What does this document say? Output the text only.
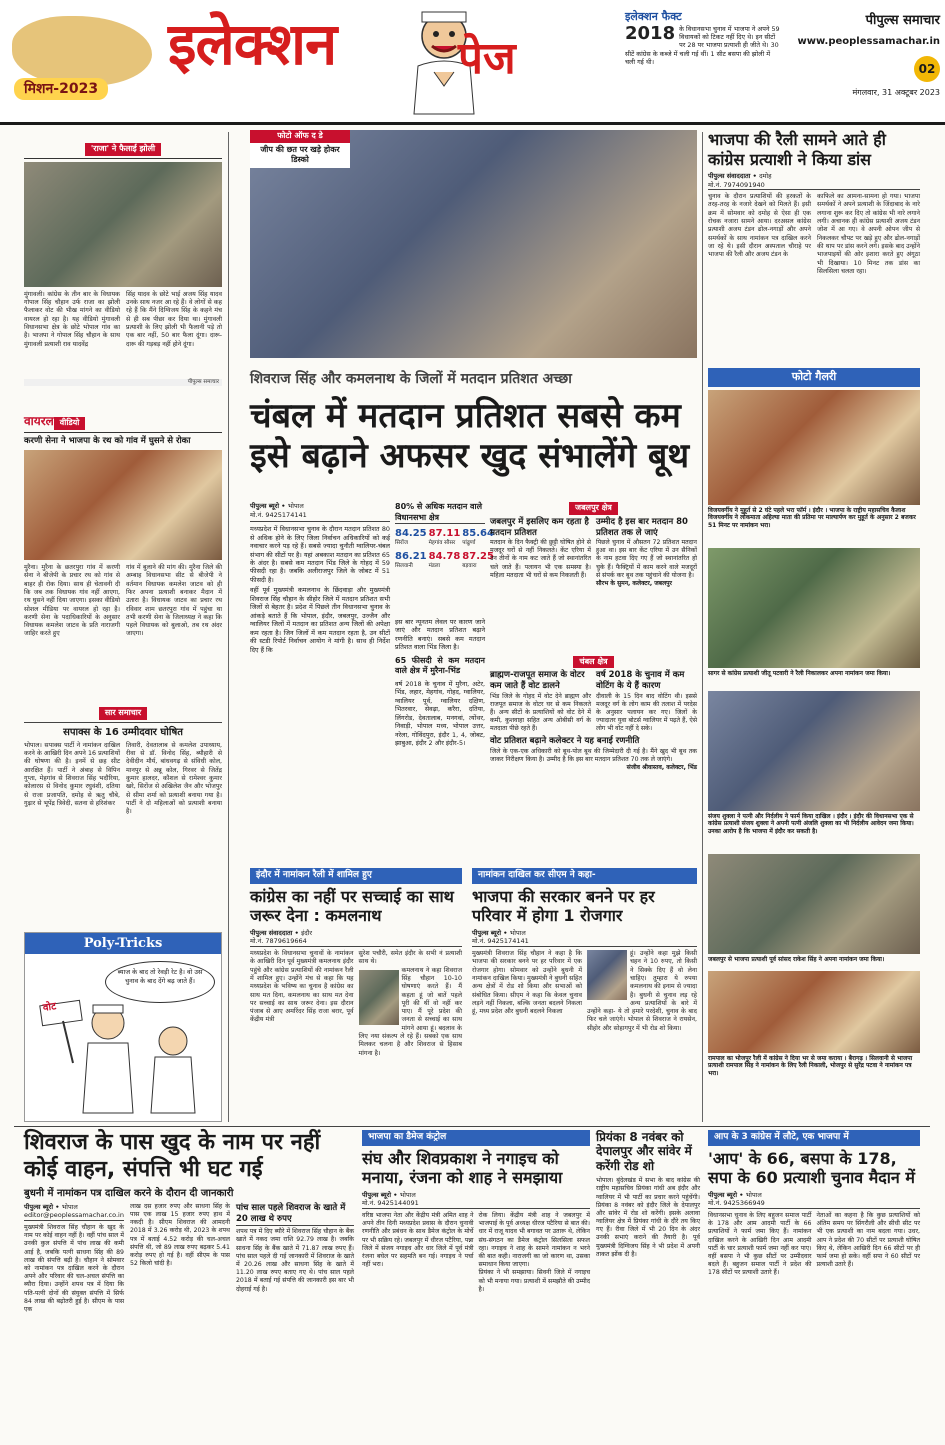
मिशन-2023
इलेक्शन	पेज
इलेक्शन फैक्ट
2018 के विधानसभा चुनाव में भाजपा ने अपने 59 विधायकों को टिकट नहीं दिए थे। इन सीटों पर 28 पर भाजपा प्रत्याशी ही जीते थे। 30 सीटें कांग्रेस के कब्जे में चली गई थीं। 1 सीट बसपा की झोली में चली गई थी।

पीपुल्स समाचार
www.peoplessamachar.in
02
मंगलवार, 31 अक्टूबर 2023
'राजा' ने फैलाई झोली

मुंगावली। कांग्रेस के तीन बार के विधायक गोपाल सिंह चौहान उर्फ राजा का झोली फैलाकर वोट की भीख मांगने का वीडियो वायरल हो रहा है। यह वीडियो मुंगावली विधानसभा क्षेत्र के छोटे भोपाल गांव का है। भाजपा ने गोपाल सिंह चौहान के साथ मुंगावली प्रत्याशी राव यादवेंद्र

सिंह यादव के छोटे भाई अजय सिंह यादव उनके साथ नजर आ रहे हैं। वे लोगों से कह रहे हैं कि मैंने दिग्विजय सिंह के कहने मंच से ही सब पीछा कर दिया था। मुंगावली प्रत्याशी के लिए झोली भी फैलानी पड़े तो एक बार नहीं, 50 बार फैला दूंगा। दारू-दारू की गड़बड़ नहीं होने दूंगा।

पीपुल्स समाचार
वायरल वीडियो
करणी सेना ने भाजपा के रथ को गांव में घुसने से रोका

मुरैना। मुरैना के छतरपुरा गांव में करणी सेना ने बीजेपी के प्रचार रथ को गांव से बाहर ही रोक दिया। साथ ही चेतावनी दी कि जब तक विधायक गांव नहीं आएगा, रथ घुसने नहीं दिया जाएगा। इसका वीडियो सोशल मीडिया पर वायरल हो रहा है। करणी सेना के पदाधिकारियों के अनुसार विधायक कमलेश जाटव के प्रति नाराजगी जाहिर करते हुए

गांव में बुलाने की मांग की। मुरैना जिले की अम्बाह विधानसभा सीट से बीजेपी ने वर्तमान विधायक कमलेश जाटव को ही फिर अपना प्रत्याशी बनाकर मैदान में उतारा है। विधायक जाटव का प्रचार रथ रविवार शाम छतरपुरा गांव में पहुंचा था तभी करणी सेना के जिलाध्यक्ष ने कहा कि पहले विधायक को बुलाओ, तब रथ अंदर जाएगा।

सार समाचार
सपाक्स के 16 उम्मीदवार घोषित

भोपाल। सपाक्स पार्टी ने नामांकन दाखिल करने के आखिरी दिन अपने 16 प्रत्याशियों की घोषणा की है। इनमें से छह सीट आरक्षित हैं। पार्टी ने अंबाह से विपिन गुप्ता, मेहगांव से शिवराज सिंह भदौरिया, कोलारस से विनोद कुमार रघुवंशी, दतिया से राजा प्रजापति, दमोह से ऋतु चौबे, गुढ़ार से भूपेंद्र त्रिवेदी, सतना से हरिशंकर

तिवारी, देवतालाब से कमलेश उपाध्याय, रीवा से डॉ. विनोद सिंह, ब्यौहारी से देवीदीन मौर्य, बांधवगढ़ से संविधी कोल, मानपुर से अन्नू कोल, गिरवर से जितेंद्र कुमार हालदर, कौशल से रामेश्वर कुमार खरे, सिरोंज से अखिलेश जैन और भोजपुर से सीमा शर्मा को प्रत्याशी बनाया गया है। पार्टी ने दो महिलाओं को प्रत्याशी बनाया है।

Poly-Tricks
ब्याज के बाद तो रेवड़ी रेट है। वो उस चुनाव के बाद देंगे बढ़ जाते हैं।
वोट
फोटो ऑफ द डे
जीप की छत पर खड़े होकर डिस्को
शिवराज सिंह और कमलनाथ के जिलों में मतदान प्रतिशत अच्छा
चंबल में मतदान प्रतिशत सबसे कम
इसे बढ़ाने अफसर खुद संभालेंगे बूथ
पीपुल्स ब्यूरो • भोपाल
मो.नं. 9425174141

मध्यप्रदेश में विधानसभा चुनाव के दौरान मतदान प्रतिशत 80 से अधिक होने के लिए जिला निर्वाचन अधिकारियों को कई नवाचार करने पड़ रहे हैं। सबसे ज्यादा चुनौती ग्वालियर-चंबल संभाग की सीटों पर है। यहां अबकाश मतदान का प्रतिशत 65 के अंदर है। सबसे कम मतदान भिंड जिले के गोहद में 59 फीसदी रहा है। जबकि अलीराजपुर जिले के जोबट में 51 फीसदी है।

वहीं पूर्व मुख्यमंत्री कमलनाथ के छिंदवाड़ा और मुख्यमंत्री शिवराज सिंह चौहान के सीहोर जिले में मतदान प्रतिशत सभी जिलों से बेहतर है। प्रदेश में पिछले तीन विधानसभा चुनाव के आंकड़े बताते हैं कि भोपाल, इंदौर, जबलपुर, उज्जैन और ग्वालियर जिलों में मतदान का प्रतिशत अन्य जिलों की अपेक्षा कम रहता है। जिन जिलों में कम मतदान रहता है, उन सीटों की स्टडी रिपोर्ट निर्वाचन आयोग ने मांगी है। साथ ही निर्देश दिए हैं कि

80% से अधिक मतदान वाले विधानसभा क्षेत्र
84.25
सिरोंज
87.11
मेहगांव सौसर
85.64
पांढुर्णा
86.21
सिलवानी
84.78
मंडला
87.25
बड़वारा

इस बार न्यूनतम लेवल पर कारण जाने जाएं और मतदान प्रतिशत बढ़ाने रणनीति बनाएं। सबसे कम मतदान प्रतिशत वाला भिंड जिला है।

65 फीसदी से कम मतदान वाले क्षेत्र में मुरैना-भिंड

वर्ष 2018 के चुनाव में मुरैना, अटेर, भिंड, लहार, मेहगांव, गोहद, ग्वालियर, ग्वालियर पूर्व, ग्वालियर दक्षिण, भितरवार, सेवढ़ा, करैरा, दतिया, लिंगरोड, देवतालाब, मनगवां, त्योंथर, निवाड़ी, भोपाल मध्य, भोपाल उत्तर, नरेला, गोविंदपुरा, इंदौर 1, 4, जोबट, झाबुआ, इंदौर 2 और इंदौर-5।

जबलपुर क्षेत्र
जबलपुर में इसलिए कम रहता है मतदान प्रतिशत

मतदान के दिन फैक्ट्री की छुट्टी घोषित होने से मजदूर घरों से नहीं निकलते। केंट एरिया में उन तीनों के नाम कट जाते हैं जो स्थानांतरित चले जाते हैं। पलायन भी एक समस्या है। महिला मतदाता भी घरों से कम निकलती हैं।

उम्मीद है इस बार मतदान 80 प्रतिशत तक ले जाएं

पिछले चुनाव में औसतन 72 प्रतिशत मतदान हुआ था। इस बार केंट एरिया में उन सैनिकों के नाम हटवा दिए गए हैं जो स्थानांतरित हो चुके हैं। फैक्ट्रियों में काम करने वाले मजदूरों से संपर्क कर बूथ तक पहुंचाने की योजना है।

सौरभ के सुमन, कलेक्टर, जबलपुर
चंबल क्षेत्र
ब्राह्मण-राजपूत समाज के वोटर कम जाते हैं वोट डालने

भिंड जिले के गोहद में वोट देने ब्राह्मण और राजपूत समाज के वोटर घर से कम निकलते हैं। अन्य सीटों के प्रत्याशियों को वोट देने में कमी, कुशवाहा सहित अन्य ओबीसी वर्ग के मतदाता पीछे रहते हैं।

वर्ष 2018 के चुनाव में कम वोटिंग के ये हैं कारण

दीवाली के 15 दिन बाद वोटिंग थी। इससे मजदूर वर्ग के लोग काम की तलाश में परदेस के अनुसार पलायन कर गए। जिलों के ज्यादातर युवा बोटर्स ग्वालियर में पढ़ते हैं, ऐसे लोग भी वोट नहीं दे सके।

वोट प्रतिशत बढ़ाने कलेक्टर ने यह बनाई रणनीति

जिले के एक-एक अधिकारी को बूथ-पोल बूथ की जिम्मेदारी दी गई है। मैंने खुद भी बूथ तक जाकर निरीक्षण किया है। उम्मीद है कि इस बार मतदान प्रतिशत 70 तक ले जाएंगे।

संजीव श्रीवास्तव, कलेक्टर, भिंड
इंदौर में नामांकन रैली में शामिल हुए
कांग्रेस का नहीं पर सच्चाई का साथ जरूर देना : कमलनाथ
पीपुल्स संवाददाता • इंदौर
मो.नं. 7879619664

मध्यप्रदेश के विधानसभा चुनावों के नामांकन के आखिरी दिन पूर्व मुख्यमंत्री कमलनाथ इंदौर पहुंचे और कांग्रेस प्रत्याशियों की नामांकन रैली में शामिल हुए। उन्होंने मंच से कहा कि यह मध्यप्रदेश के भविष्य का चुनाव है कांग्रेस का साथ मत दिना, कमलनाथ का साथ मत देना पर सच्चाई का साथ जरूर देना। इस दौरान पंजाब से आए अमरिंदर सिंह राजा बरार, पूर्व केंद्रीय मंत्री

सुरेश पचौरी, समेत इंदौर के सभी नं प्रत्याशी साथ थे।

कमलनाथ ने कहा शिवराज सिंह चौहान 10-10 घोषणाएं करते हैं। मैं कहता हूं जो बातें पहले पूरी की थीं वो नहीं कर पाए। मैं पूरे प्रदेश की जनता से सच्चाई का साथ मांगने आया हूं। बदलाव के लिए नया संकल्प ले रहे हैं। सबको एक साथ मिलकर चलना है और शिवराज से हिसाब मांगना है।

नामांकन दाखिल कर सीएम ने कहा-
भाजपा की सरकार बनने पर हर परिवार में होगा 1 रोजगार
पीपुल्स ब्यूरो • भोपाल
मो.नं. 9425174141

मुख्यमंत्री शिवराज सिंह चौहान ने कहा है कि भाजपा की सरकार बनने पर हर परिवार में एक रोजगार होगा। सोमवार को उन्होंने बुधनी में नामांकन दाखिल किया। मुख्यमंत्री ने बुधनी सहित अन्य क्षेत्रों में रोड शो किया और सभाओं को संबोधित किया। सीएम ने कहा कि केवल चुनाव लड़ने नहीं निकला, बल्कि जनता बदलने निकला हूं, मध्य प्रदेश और बुधनी बदलने निकला

हूं। उन्होंने कहा मुझे किसी चहन ने 10 रुपए, तो किसी ने सिक्के दिए हैं वो लेना चाहिए। तुम्हारा ये रुपया कमलनाथ की इनाम से ज्यादा है। बुधनी से चुनाव लड़ रहे अन्य प्रत्याशियों के बारे में उन्होंने कहा- ये तो हमारे परदेशी, चुनाव के बाद फिर चले जाएंगे। भोपाल से शिवराज ने रायसेन, सीहोर और सोहागपुर में भी रोड शो किया।

भाजपा की रैली सामने आते ही कांग्रेस प्रत्याशी ने किया डांस
पीपुल्स संवाददाता • दमोह
मो.नं. 7974091940

चुनाव के दौरान प्रत्याशियों की हरकतों के तरह-तरह के नजारे देखने को मिलते हैं। इसी क्रम में सोमवार को दमोह से ऐसा ही एक रोचक नजारा सामने आया। दरअसल कांग्रेस प्रत्याशी अजय टंडन ढोल-नगाड़ों और अपने समर्थकों के साथ नामांकन पत्र दाखिल करने जा रहे थे। इसी दौरान अस्पताल चौराहे पर भाजपा की रैली और अजय टंडन के

काफिले का आमना-सामना हो गया। भाजपा समर्थकों ने अपने प्रत्याशी के जिंदाबाद के नारे लगाना शुरू कर दिए तो कांग्रेस भी नारे लगाने लगी। अचानक ही कांग्रेस प्रत्याशी अजय टंडन जोश में आ गए। वे अपनी ओपन जीप से निकलकर चौपट पर खड़े हुए और ढोल-नगाड़ों की थाप पर डांस करने लगे। इसके बाद उन्होंने भाजपाइयों की ओर इशारा करते हुए अंगूठा भी दिखाया। 10 मिनट तक डांस का सिलसिला चलता रहा।

फोटो गैलरी
विजयवर्गीय ने मुहूर्त से 2 घंटे पहले भरा फॉर्म । इंदौर । भाजपा के राष्ट्रीय महासचिव कैलाश विजयवर्गीय ने लोकमाता अहिल्या माता की प्रतिमा पर माल्यार्पण कर मुहूर्त के अनुसार 2 बजकर 51 मिनट पर नामांकन भरा।
सागर से कांग्रेस प्रत्याशी जीतू पटवारी ने रैली निकालकर अपना नामांकन जमा किया।
संजय शुक्ला ने पत्नी और निर्दलीय ने फार्म किया दाखिल । इंदौर । इंदौर की विधानसभा एक से कांग्रेस प्रत्याशी संजय शुक्ला ने अपनी पत्नी अंजलि शुक्ला का भी निर्दलीय आवेदन जमा किया। उनका आरोप है कि भाजपा में इंदौर कर सकती है।
जबलपुर से भाजपा प्रत्याशी पूर्व सांसद राकेश सिंह ने अपना नामांकन जमा किया।
रामपाल का भोजपुर रैली में कांग्रेस ने दिया भर से जमा कराया । बैरागढ़ । सिलवानी से भाजपा प्रत्याशी रामपाल सिंह ने नामांकन के लिए रैली निकाली, भोजपुर से सुरेंद्र पटवा ने नामांकन पत्र भरा।
शिवराज के पास खुद के नाम पर नहीं कोई वाहन, संपत्ति भी घट गई
बुधनी में नामांकन पत्र दाखिल करने के दौरान दी जानकारी
पीपुल्स ब्यूरो • भोपाल
editor@peoplessamachar.co.in

मुख्यमंत्री शिवराज सिंह चौहान के खुद के नाम पर कोई वाहन नहीं है। वहीं पांच साल में उनकी कुल संपत्ति में पांच लाख की कमी आई है, जबकि पत्नी साधना सिंह की 89 लाख की संपत्ति बढ़ी है। चौहान ने सोमवार को नामांकन पत्र दाखिल करने के दौरान अपने और परिवार की चल-अचल संपत्ति का ब्यौरा दिया। उन्होंने शपथ पत्र में दिया कि पति-पत्नी दोनों की संयुक्त संपत्ति में सिर्फ 84 लाख की बढ़ोतरी हुई है। सीएम के पास एक

लाख दस हजार रुपए और साधना सिंह के पास एक लाख 15 हजार रुपए हाथ में नकदी है। सीएम शिवराज की आमदनी 2018 में 3.26 करोड़ थी, 2023 के शपथ पत्र में बताई 4.52 करोड़ की चल-अचल संपत्ति थी, जो 89 लाख रुपए बढ़कर 5.41 करोड़ रुपए हो गई है। वहीं सीएम के पास 52 किलो चांदी है।

पांच साल पहले शिवराज के खाते में 20 लाख थे रुपए

शपथ पत्र में दिए ब्यौरे में शिवराज सिंह चौहान के बैंक खाते में नकद जमा राशि 92.79 लाख है। जबकि साधना सिंह के बैंक खाते में 71.87 लाख रुपए हैं। पांच साल पहले दी गई जानकारी में शिवराज के खाते में 20.26 लाख और साधना सिंह के खाते में 11.20 लाख रुपए बताए गए थे। पांच साल पहले 2018 में बताई गई संपत्ति की जानकारी इस बार भी दोहराई गई है।

भाजपा का डैमेज कंट्रोल
संघ और शिवप्रकाश ने नगाइच को मनाया, रंजना को शाह ने समझाया
पीपुल्स ब्यूरो • भोपाल
मो.नं. 9425144091

वरिष्ठ भाजपा नेता और केंद्रीय मंत्री अमित शाह ने अपने तीन दिनी मध्यप्रदेश प्रवास के दौरान चुनावी रणनीति और प्रबंधन के साथ डैमेज कंट्रोल के मोर्चे पर भी सक्रिय रहे। जबलपुर में धीरज पटैरिया, पन्ना जिले में संजय नगाइच और धार जिले में पूर्व मंत्री रंजना बघेल पर सहमति बन गई। नगाइच ने पर्चा नहीं भरा।

रोक लिया। केंद्रीय मंत्री शाह ने जबलपुर में भाजपाई के पूर्व अध्यक्ष धीरज पटैरिया से बात की। धार में राजू यादव भी बगावत पर उतारू थे, लेकिन संघ-संगठन का डैमेज कंट्रोल सिलसिला सफल रहा। नगाइच ने शाह के सामने नामांकन न भरने की बात कही। नाराजगी का जो कारण था, उसका समाधान किया जाएगा।

प्रियंका ने भी समझाया। सिवनी जिले में नगाइच को भी मनाया गया। प्रत्याशी में समझौते की उम्मीद है।

प्रियंका 8 नवंबर को देपालपुर और सांवेर में करेंगी रोड शो

भोपाल। बुंदेलखंड में सभा के बाद कांग्रेस की राष्ट्रीय महासचिव प्रियंका गांधी अब इंदौर और ग्वालियर में भी पार्टी का प्रचार करने पहुंचेंगी। प्रियंका 8 नवंबर को इंदौर जिले के देपालपुर और सांवेर में रोड शो करेंगी। इसके अलावा ग्वालियर क्षेत्र में प्रियंका गांधी के दौरे तय किए गए हैं। रीवा जिले में भी 20 दिन के अंदर उनकी सभाएं कराने की तैयारी है। पूर्व मुख्यमंत्री दिग्विजय सिंह ने भी प्रदेश में अपनी ताकत झोंक दी है।

आप के 3 कांग्रेस में लौटे, एक भाजपा में
'आप' के 66, बसपा के 178, सपा के 60 प्रत्याशी चुनाव मैदान में
पीपुल्स ब्यूरो • भोपाल
मो.नं. 9425366949

विधानसभा चुनाव के लिए बहुजन समाज पार्टी के 178 और आम आदमी पार्टी के 66 प्रत्याशियों ने फार्म जमा किए हैं। नामांकन दाखिल करने के आखिरी दिन आम आदमी पार्टी के चार प्रत्याशी फार्म जमा नहीं कर पाए। वहीं बसपा ने भी कुछ सीटों पर उम्मीदवार बदले हैं। बहुजन समाज पार्टी ने प्रदेश की 178 सीटों पर प्रत्याशी उतारे हैं।

नेताओं का कहना है कि कुछ प्रत्याशियों को अंतिम समय पर सिंगरौली और सीधी सीट पर भी एक प्रत्याशी का नाम बदला गया। उधर, आप ने प्रदेश की 70 सीटों पर प्रत्याशी घोषित किए थे, लेकिन आखिरी दिन 66 सीटों पर ही फार्म जमा हो सके। वहीं सपा ने 60 सीटों पर प्रत्याशी उतारे हैं।
